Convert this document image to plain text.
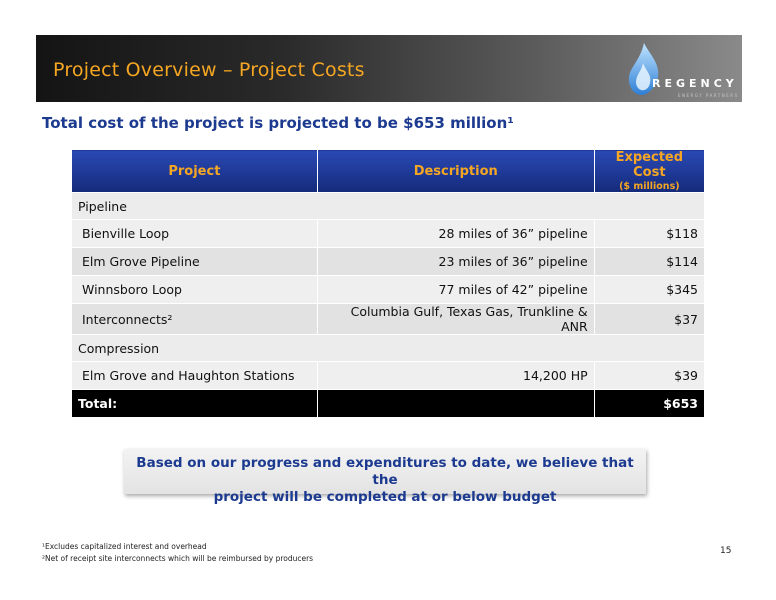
Project Overview – Project Costs
REGENCY
ENERGY PARTNERS
Total cost of the project is projected to be $653 million¹
Project	Description	Expected Cost
($ millions)

Pipeline		
Bienville Loop	28 miles of 36” pipeline	$118
Elm Grove Pipeline	23 miles of 36” pipeline	$114
Winnsboro Loop	77 miles of 42” pipeline	$345
Interconnects²	Columbia Gulf, Texas Gas, Trunkline & ANR	$37
Compression		
Elm Grove and Haughton Stations	14,200 HP	$39
Total:		$653
Based on our progress and expenditures to date, we believe that the
project will be completed at or below budget
¹Excludes capitalized interest and overhead
²Net of receipt site interconnects which will be reimbursed by producers
15
